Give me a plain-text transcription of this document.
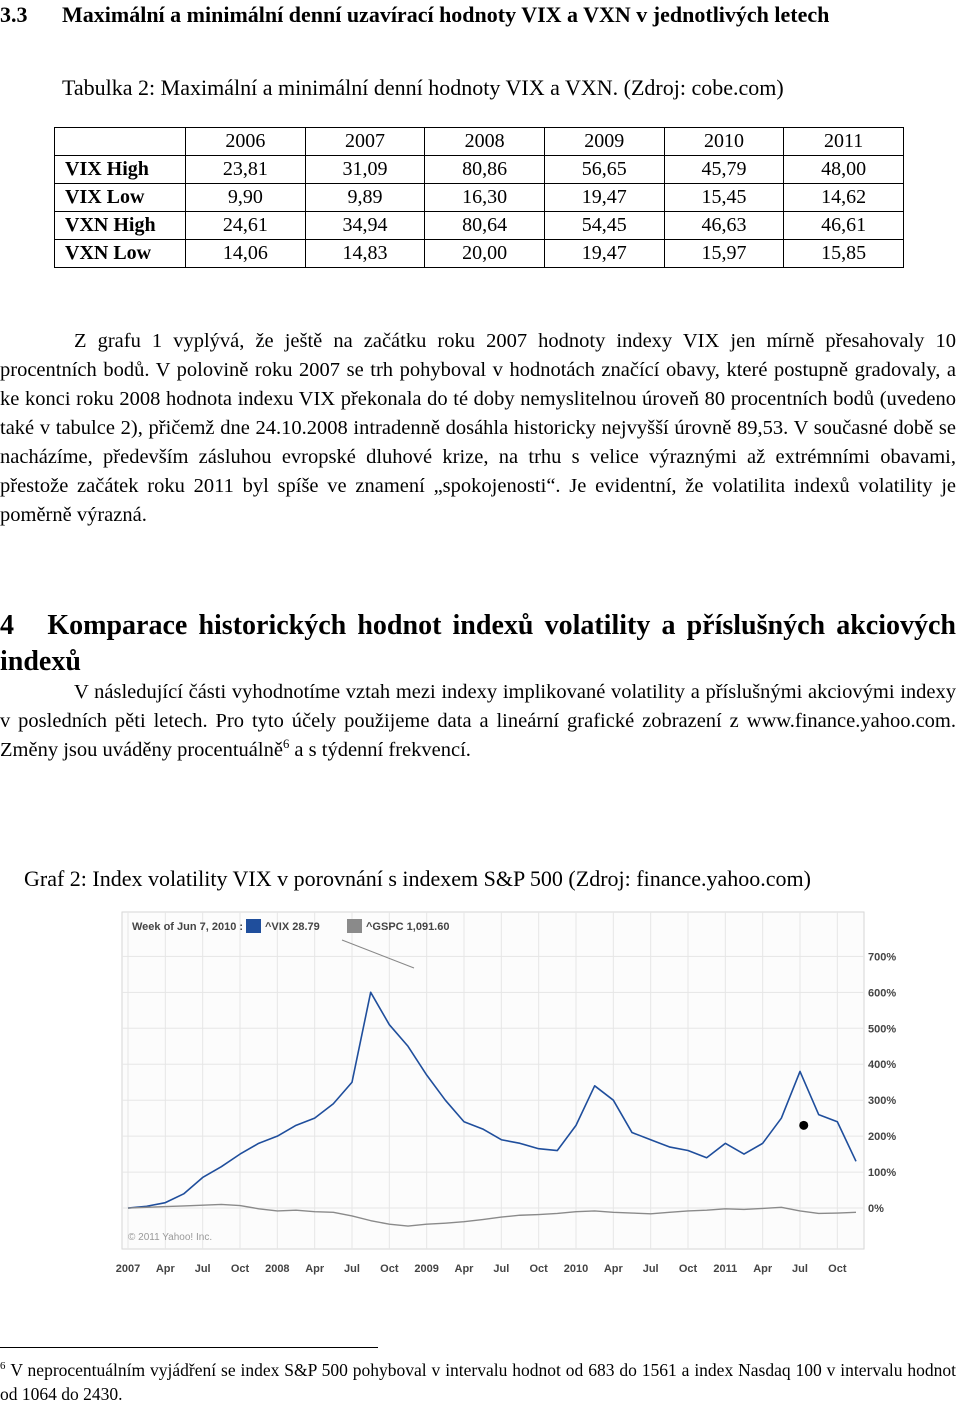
3.3 Maximální a minimální denní uzavírací hodnoty VIX a VXN v jednotlivých letech
Tabulka 2: Maximální a minimální denní hodnoty VIX a VXN. (Zdroj: cobe.com)
	2006	2007	2008	2009	2010	2011
VIX High	23,81	31,09	80,86	56,65	45,79	48,00
VIX Low	9,90	9,89	16,30	19,47	15,45	14,62
VXN High	24,61	34,94	80,64	54,45	46,63	46,61
VXN Low	14,06	14,83	20,00	19,47	15,97	15,85

Z grafu 1 vyplývá, že ještě na začátku roku 2007 hodnoty indexy VIX jen mírně přesahovaly 10 procentních bodů. V polovině roku 2007 se trh pohyboval v hodnotách značící obavy, které postupně gradovaly, a ke konci roku 2008 hodnota indexu VIX překonala do té doby nemyslitelnou úroveň 80 procentních bodů (uvedeno také v tabulce 2), přičemž dne 24.10.2008 intradenně dosáhla historicky nejvyšší úrovně 89,53. V současné době se nacházíme, především zásluhou evropské dluhové krize, na trhu s velice výraznými až extrémními obavami, přestože začátek roku 2011 byl spíše ve znamení „spokojenosti“. Je evidentní, že volatilita indexů volatility je poměrně výrazná.

4 Komparace historických hodnot indexů volatility a příslušných akciových indexů

V následující části vyhodnotíme vztah mezi indexy implikované volatility a příslušnými akciovými indexy v posledních pěti letech. Pro tyto účely použijeme data a lineární grafické zobrazení z www.finance.yahoo.com. Změny jsou uváděny procentuálně$^6$ a s týdenní frekvencí.

Graf 2: Index volatility VIX v porovnání s indexem S&P 500 (Zdroj: finance.yahoo.com)
2007 Apr Jul Oct 2008 Apr Jul Oct 2009 Apr Jul Oct 2010 Apr Jul Oct 2011 Apr Jul Oct
700%
600%
500%
400%
300%
200%
100%
0%
Week of Jun 7, 2010 : ^VIX 28.79	^GSPC 1,091.60
© 2011 Yahoo! Inc.
$^6$ V neprocentuálním vyjádření se index S&P 500 pohyboval v intervalu hodnot od 683 do 1561 a index Nasdaq 100 v intervalu hodnot od 1064 do 2430.
